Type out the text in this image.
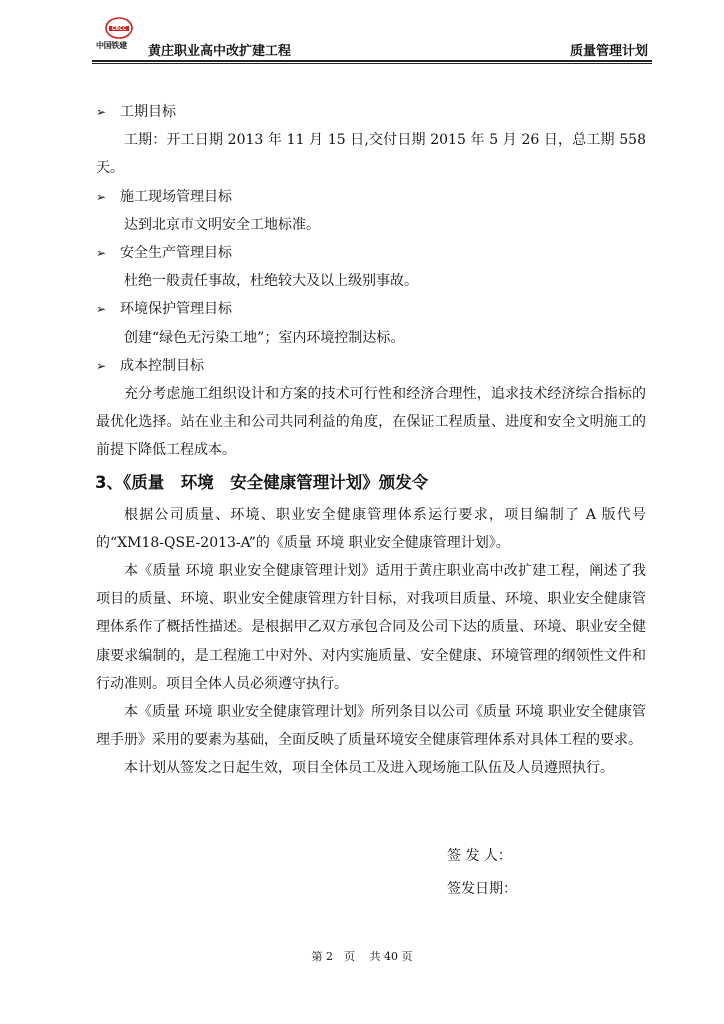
CRCC
中国铁建 黄庄职业高中改扩建工程	质量管理计划
➢ 工期目标

工期：开工日期 2013 年 11 月 15 日,交付日期 2015 年 5 月 26 日，总工期 558 天。

➢ 施工现场管理目标

达到北京市文明安全工地标准。

➢ 安全生产管理目标

杜绝一般责任事故，杜绝较大及以上级别事故。

➢ 环境保护管理目标

创建“绿色无污染工地”；室内环境控制达标。

➢ 成本控制目标

充分考虑施工组织设计和方案的技术可行性和经济合理性，追求技术经济综合指标的最优化选择。站在业主和公司共同利益的角度，在保证工程质量、进度和安全文明施工的前提下降低工程成本。

3、《质量　环境　安全健康管理计划》颁发令

根据公司质量、环境、职业安全健康管理体系运行要求，项目编制了 A 版代号的“XM18-QSE-2013-A”的《质量 环境 职业安全健康管理计划》。

本《质量 环境 职业安全健康管理计划》适用于黄庄职业高中改扩建工程，阐述了我项目的质量、环境、职业安全健康管理方针目标，对我项目质量、环境、职业安全健康管理体系作了概括性描述。是根据甲乙双方承包合同及公司下达的质量、环境、职业安全健康要求编制的，是工程施工中对外、对内实施质量、安全健康、环境管理的纲领性文件和行动准则。项目全体人员必须遵守执行。

本《质量 环境 职业安全健康管理计划》所列条目以公司《质量 环境 职业安全健康管理手册》采用的要素为基础，全面反映了质量环境安全健康管理体系对具体工程的要求。

本计划从签发之日起生效，项目全体员工及进入现场施工队伍及人员遵照执行。

签 发 人：
签发日期：
第 2　页　 共 40 页
